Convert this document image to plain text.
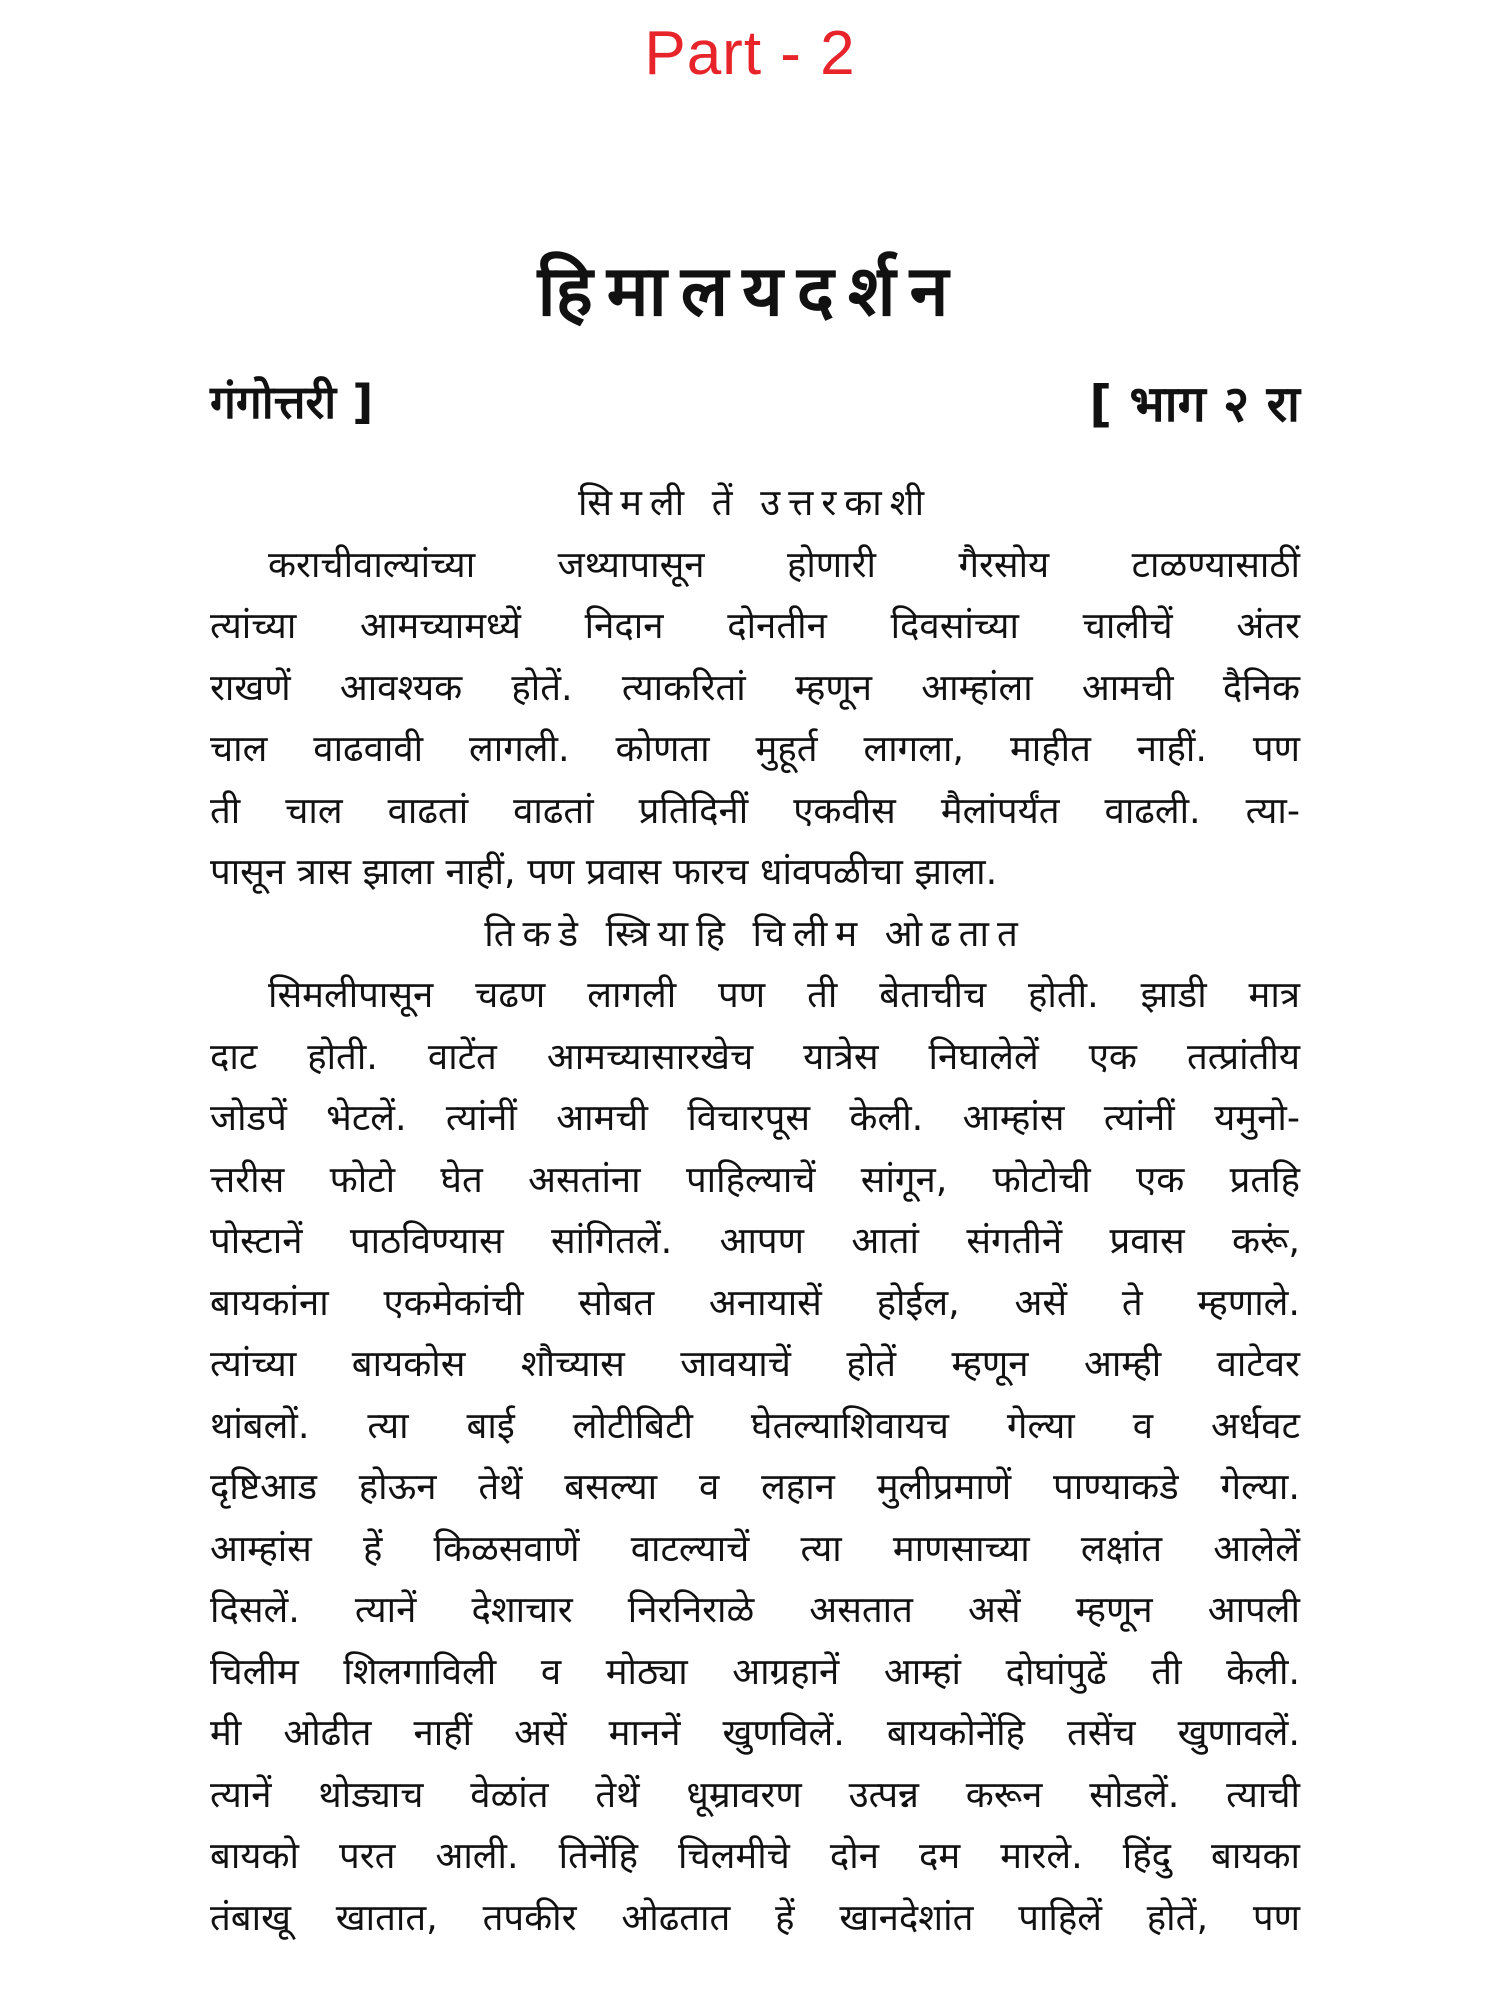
Part - 2
हिमालयदर्शन
गंगोत्तरी ]	[ भाग २ रा
सिमली तें उत्तरकाशी
कराचीवाल्यांच्या जथ्यापासून होणारी गैरसोय टाळण्यासाठीं
त्यांच्या आमच्यामध्यें निदान दोनतीन दिवसांच्या चालीचें अंतर
राखणें आवश्यक होतें. त्याकरितां म्हणून आम्हांला आमची दैनिक
चाल वाढवावी लागली. कोणता मुहूर्त लागला, माहीत नाहीं. पण
ती चाल वाढतां वाढतां प्रतिदिनीं एकवीस मैलांपर्यंत वाढली. त्या-
पासून त्रास झाला नाहीं, पण प्रवास फारच धांवपळीचा झाला.
तिकडे स्त्रियाहि चिलीम ओढतात
सिमलीपासून चढण लागली पण ती बेताचीच होती. झाडी मात्र
दाट होती. वाटेंत आमच्यासारखेच यात्रेस निघालेलें एक तत्प्रांतीय
जोडपें भेटलें. त्यांनीं आमची विचारपूस केली. आम्हांस त्यांनीं यमुनो-
त्तरीस फोटो घेत असतांना पाहिल्याचें सांगून, फोटोची एक प्रतहि
पोस्टानें पाठविण्यास सांगितलें. आपण आतां संगतीनें प्रवास करूं,
बायकांना एकमेकांची सोबत अनायासें होईल, असें ते म्हणाले.
त्यांच्या बायकोस शौच्यास जावयाचें होतें म्हणून आम्ही वाटेवर
थांबलों. त्या बाई लोटीबिटी घेतल्याशिवायच गेल्या व अर्धवट
दृष्टिआड होऊन तेथें बसल्या व लहान मुलीप्रमाणें पाण्याकडे गेल्या.
आम्हांस हें किळसवाणें वाटल्याचें त्या माणसाच्या लक्षांत आलेलें
दिसलें. त्यानें देशाचार निरनिराळे असतात असें म्हणून आपली
चिलीम शिलगाविली व मोठ्या आग्रहानें आम्हां दोघांपुढें ती केली.
मी ओढीत नाहीं असें माननें खुणविलें. बायकोनेंहि तसेंच खुणावलें.
त्यानें थोड्याच वेळांत तेथें धूम्रावरण उत्पन्न करून सोडलें. त्याची
बायको परत आली. तिनेंहि चिलमीचे दोन दम मारले. हिंदु बायका
तंबाखू खातात, तपकीर ओढतात हें खानदेशांत पाहिलें होतें, पण
